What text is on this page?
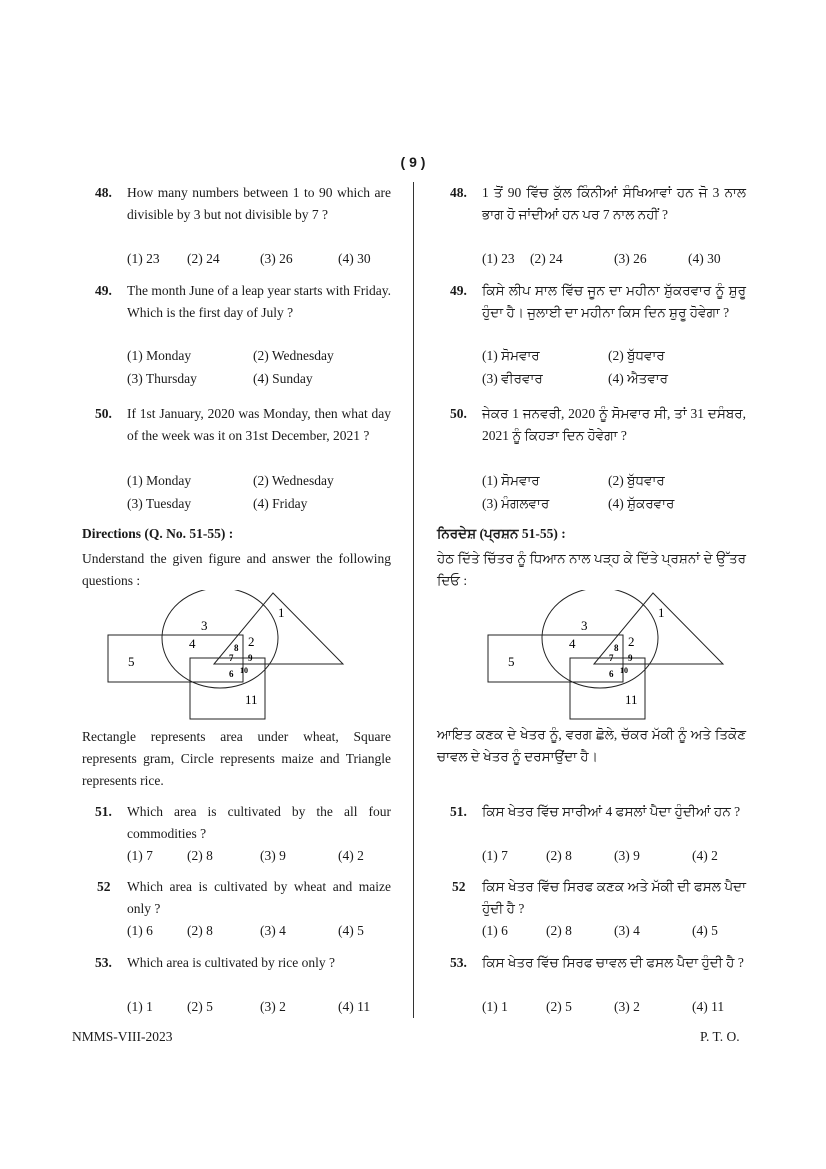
( 9 )
48. How many numbers between 1 to 90 which are divisible by 3 but not divisible by 7 ?
(1) 23 (2) 24	(3) 26	(4) 30
49. The month June of a leap year starts with Friday. Which is the first day of July ?
(1) Monday	(2) Wednesday
(3) Thursday	(4) Sunday
50. If 1st January, 2020 was Monday, then what day of the week was it on 31st December, 2021 ?
(1) Monday	(2) Wednesday
(3) Tuesday	(4) Friday
Directions (Q. No. 51-55) :
Understand the given figure and answer the following questions :
1
2
3
4
5
6
7
8
9
10
11
Rectangle represents area under wheat, Square represents gram, Circle represents maize and Triangle represents rice.
51. Which area is cultivated by the all four commodities ?
(1) 7	(2) 8	(3) 9	(4) 2
52 Which area is cultivated by wheat and maize only ?
(1) 6	(2) 8	(3) 4	(4) 5
53. Which area is cultivated by rice only ?
(1) 1	(2) 5	(3) 2	(4) 11
48. 1 ਤੋਂ 90 ਵਿੱਚ ਕੁੱਲ ਕਿੰਨੀਆਂ ਸੰਖਿਆਵਾਂ ਹਨ ਜੋ 3 ਨਾਲ ਭਾਗ ਹੋ ਜਾਂਦੀਆਂ ਹਨ ਪਰ 7 ਨਾਲ ਨਹੀਂ ?
(1) 23 (2) 24	(3) 26	(4) 30
49. ਕਿਸੇ ਲੀਪ ਸਾਲ ਵਿੱਚ ਜੂਨ ਦਾ ਮਹੀਨਾ ਸ਼ੁੱਕਰਵਾਰ ਨੂੰ ਸ਼ੁਰੂ ਹੁੰਦਾ ਹੈ। ਜੁਲਾਈ ਦਾ ਮਹੀਨਾ ਕਿਸ ਦਿਨ ਸ਼ੁਰੂ ਹੋਵੇਗਾ ?
(1) ਸੋਮਵਾਰ	(2) ਬੁੱਧਵਾਰ
(3) ਵੀਰਵਾਰ	(4) ਐਤਵਾਰ
50. ਜੇਕਰ 1 ਜਨਵਰੀ, 2020 ਨੂੰ ਸੋਮਵਾਰ ਸੀ, ਤਾਂ 31 ਦਸੰਬਰ, 2021 ਨੂੰ ਕਿਹੜਾ ਦਿਨ ਹੋਵੇਗਾ ?
(1) ਸੋਮਵਾਰ	(2) ਬੁੱਧਵਾਰ
(3) ਮੰਗਲਵਾਰ	(4) ਸ਼ੁੱਕਰਵਾਰ
ਨਿਰਦੇਸ਼ (ਪ੍ਰਸ਼ਨ 51-55) :
ਹੇਠ ਦਿੱਤੇ ਚਿੱਤਰ ਨੂੰ ਧਿਆਨ ਨਾਲ ਪੜ੍ਹ ਕੇ ਦਿੱਤੇ ਪ੍ਰਸ਼ਨਾਂ ਦੇ ਉੱਤਰ ਦਿਓ :
1
2
3
4
5
6
7
8
9
10
11
ਆਇਤ ਕਣਕ ਦੇ ਖੇਤਰ ਨੂੰ, ਵਰਗ ਛੋਲੇ, ਚੱਕਰ ਮੱਕੀ ਨੂੰ ਅਤੇ ਤਿਕੋਣ ਚਾਵਲ ਦੇ ਖੇਤਰ ਨੂੰ ਦਰਸਾਉਂਦਾ ਹੈ।
51. ਕਿਸ ਖੇਤਰ ਵਿੱਚ ਸਾਰੀਆਂ 4 ਫਸਲਾਂ ਪੈਦਾ ਹੁੰਦੀਆਂ ਹਨ ?
(1) 7	(2) 8	(3) 9	(4) 2
52 ਕਿਸ ਖੇਤਰ ਵਿੱਚ ਸਿਰਫ ਕਣਕ ਅਤੇ ਮੱਕੀ ਦੀ ਫਸਲ ਪੈਦਾ ਹੁੰਦੀ ਹੈ ?
(1) 6	(2) 8	(3) 4	(4) 5
53. ਕਿਸ ਖੇਤਰ ਵਿੱਚ ਸਿਰਫ ਚਾਵਲ ਦੀ ਫਸਲ ਪੈਦਾ ਹੁੰਦੀ ਹੈ ?
(1) 1	(2) 5	(3) 2	(4) 11
NMMS-VIII-2023	P. T. O.
